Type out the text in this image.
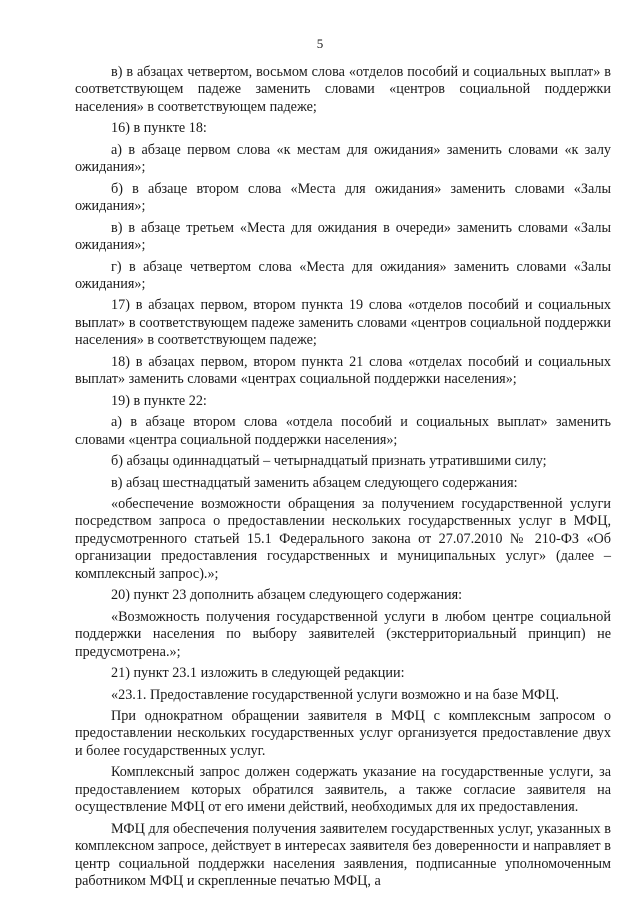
5

в) в абзацах четвертом, восьмом слова «отделов пособий и социальных выплат» в соответствующем падеже заменить словами «центров социальной поддержки населения» в соответствующем падеже;

16) в пункте 18:

а) в абзаце первом слова «к местам для ожидания» заменить словами «к залу ожидания»;

б) в абзаце втором слова «Места для ожидания» заменить словами «Залы ожидания»;

в) в абзаце третьем «Места для ожидания в очереди» заменить словами «Залы ожидания»;

г) в абзаце четвертом слова «Места для ожидания» заменить словами «Залы ожидания»;

17) в абзацах первом, втором пункта 19 слова «отделов пособий и социальных выплат» в соответствующем падеже заменить словами «центров социальной поддержки населения» в соответствующем падеже;

18) в абзацах первом, втором пункта 21 слова «отделах пособий и социальных выплат» заменить словами «центрах социальной поддержки населения»;

19) в пункте 22:

а) в абзаце втором слова «отдела пособий и социальных выплат» заменить словами «центра социальной поддержки населения»;

б) абзацы одиннадцатый – четырнадцатый признать утратившими силу;

в) абзац шестнадцатый заменить абзацем следующего содержания:

«обеспечение возможности обращения за получением государственной услуги посредством запроса о предоставлении нескольких государственных услуг в МФЦ, предусмотренного статьей 15.1 Федерального закона от 27.07.2010 № 210-ФЗ «Об организации предоставления государственных и муниципальных услуг» (далее – комплексный запрос).»;

20) пункт 23 дополнить абзацем следующего содержания:

«Возможность получения государственной услуги в любом центре социальной поддержки населения по выбору заявителей (экстерриториальный принцип) не предусмотрена.»;

21) пункт 23.1 изложить в следующей редакции:

«23.1. Предоставление государственной услуги возможно и на базе МФЦ.

При однократном обращении заявителя в МФЦ с комплексным запросом о предоставлении нескольких государственных услуг организуется предоставление двух и более государственных услуг.

Комплексный запрос должен содержать указание на государственные услуги, за предоставлением которых обратился заявитель, а также согласие заявителя на осуществление МФЦ от его имени действий, необходимых для их предоставления.

МФЦ для обеспечения получения заявителем государственных услуг, указанных в комплексном запросе, действует в интересах заявителя без доверенности и направляет в центр социальной поддержки населения заявления, подписанные уполномоченным работником МФЦ и скрепленные печатью МФЦ, а
